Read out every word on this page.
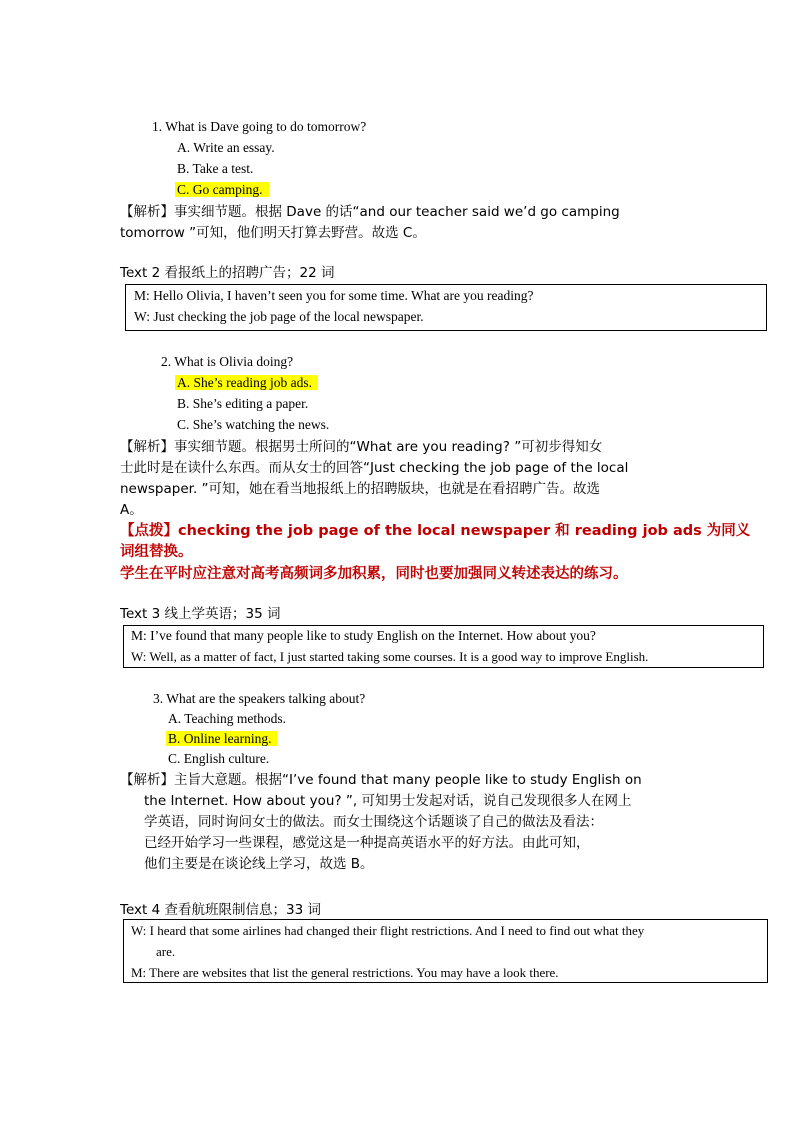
1. What is Dave going to do tomorrow?
A. Write an essay.
B. Take a test.
C. Go camping.
【解析】事实细节题。根据 Dave 的话“and our teacher said we’d go camping
tomorrow ”可知，他们明天打算去野营。故选 C。
Text 2 看报纸上的招聘广告；22 词
M: Hello Olivia, I haven’t seen you for some time. What are you reading?
W: Just checking the job page of the local newspaper.
2. What is Olivia doing?
A. She’s reading job ads.
B. She’s editing a paper.
C. She’s watching the news.
【解析】事实细节题。根据男士所问的“What are you reading? ”可初步得知女
士此时是在读什么东西。而从女士的回答“Just checking the job page of the local
newspaper. ”可知，她在看当地报纸上的招聘版块，也就是在看招聘广告。故选
A。
【点拨】checking the job page of the local newspaper 和 reading job ads 为同义
词组替换。
学生在平时应注意对高考高频词多加积累，同时也要加强同义转述表达的练习。
Text 3 线上学英语；35 词
M: I’ve found that many people like to study English on the Internet. How about you?
W: Well, as a matter of fact, I just started taking some courses. It is a good way to improve English.
3. What are the speakers talking about?
A. Teaching methods.
B. Online learning.
C. English culture.
【解析】主旨大意题。根据“I’ve found that many people like to study English on
the Internet. How about you? ”, 可知男士发起对话，说自己发现很多人在网上
学英语，同时询问女士的做法。而女士围绕这个话题谈了自己的做法及看法：
已经开始学习一些课程，感觉这是一种提高英语水平的好方法。由此可知，
他们主要是在谈论线上学习，故选 B。
Text 4 查看航班限制信息；33 词
W: I heard that some airlines had changed their flight restrictions. And I need to find out what they
are.
M: There are websites that list the general restrictions. You may have a look there.
